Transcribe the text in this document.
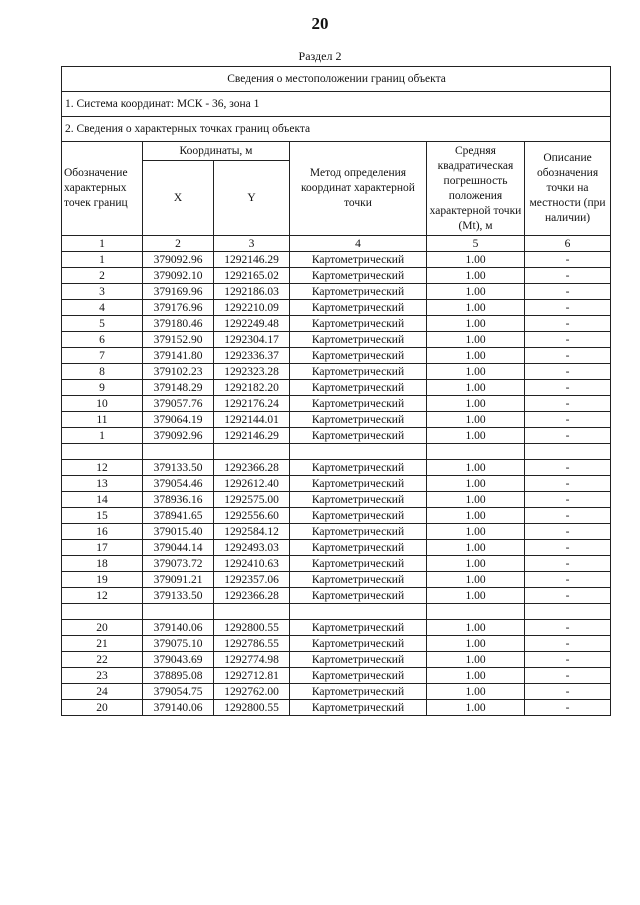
20
Раздел 2
Сведения о местоположении границ объекта					
1. Система координат: МСК - 36, зона 1					
2. Сведения о характерных точках границ объекта					
Обозначение характерных точек границ	Координаты, м		Метод определения координат характерной точки	Средняя квадратическая погрешность положения характерной точки (Mt), м	Описание обозначения точки на местности (при наличии)
	X	Y			
1	2	3	4	5	6
1	379092.96	1292146.29	Картометрический	1.00	-
2	379092.10	1292165.02	Картометрический	1.00	-
3	379169.96	1292186.03	Картометрический	1.00	-
4	379176.96	1292210.09	Картометрический	1.00	-
5	379180.46	1292249.48	Картометрический	1.00	-
6	379152.90	1292304.17	Картометрический	1.00	-
7	379141.80	1292336.37	Картометрический	1.00	-
8	379102.23	1292323.28	Картометрический	1.00	-
9	379148.29	1292182.20	Картометрический	1.00	-
10	379057.76	1292176.24	Картометрический	1.00	-
11	379064.19	1292144.01	Картометрический	1.00	-
1	379092.96	1292146.29	Картометрический	1.00	-

12	379133.50	1292366.28	Картометрический	1.00	-
13	379054.46	1292612.40	Картометрический	1.00	-
14	378936.16	1292575.00	Картометрический	1.00	-
15	378941.65	1292556.60	Картометрический	1.00	-
16	379015.40	1292584.12	Картометрический	1.00	-
17	379044.14	1292493.03	Картометрический	1.00	-
18	379073.72	1292410.63	Картометрический	1.00	-
19	379091.21	1292357.06	Картометрический	1.00	-
12	379133.50	1292366.28	Картометрический	1.00	-

20	379140.06	1292800.55	Картометрический	1.00	-
21	379075.10	1292786.55	Картометрический	1.00	-
22	379043.69	1292774.98	Картометрический	1.00	-
23	378895.08	1292712.81	Картометрический	1.00	-
24	379054.75	1292762.00	Картометрический	1.00	-
20	379140.06	1292800.55	Картометрический	1.00	-
